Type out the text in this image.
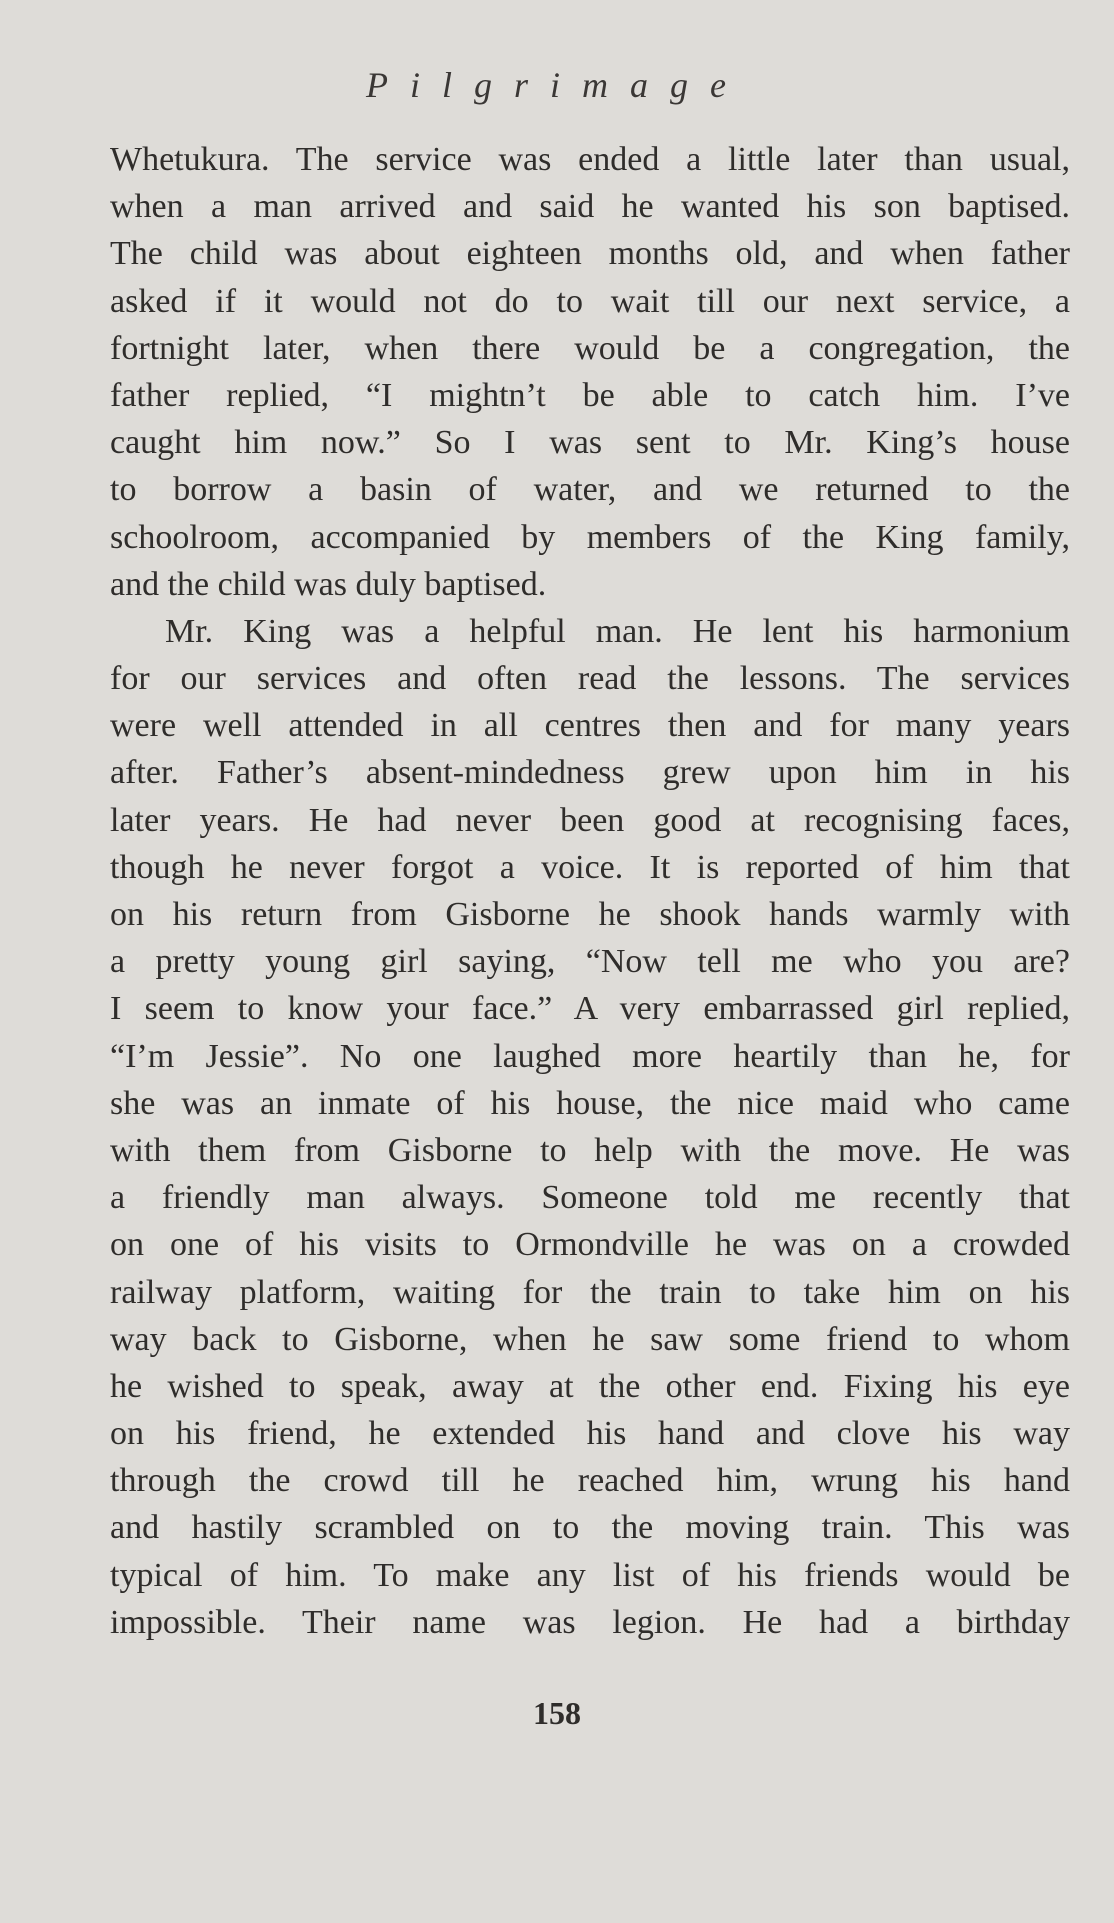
Pilgrimage
Whetukura. The service was ended a little later than usual,
when a man arrived and said he wanted his son baptised.
The child was about eighteen months old, and when father
asked if it would not do to wait till our next service, a
fortnight later, when there would be a congregation, the
father replied, “I mightn’t be able to catch him. I’ve
caught him now.” So I was sent to Mr. King’s house
to borrow a basin of water, and we returned to the
schoolroom, accompanied by members of the King family,
and the child was duly baptised.
Mr. King was a helpful man. He lent his harmonium
for our services and often read the lessons. The services
were well attended in all centres then and for many years
after. Father’s absent-mindedness grew upon him in his
later years. He had never been good at recognising faces,
though he never forgot a voice. It is reported of him that
on his return from Gisborne he shook hands warmly with
a pretty young girl saying, “Now tell me who you are?
I seem to know your face.” A very embarrassed girl replied,
“I’m Jessie”. No one laughed more heartily than he, for
she was an inmate of his house, the nice maid who came
with them from Gisborne to help with the move. He was
a friendly man always. Someone told me recently that
on one of his visits to Ormondville he was on a crowded
railway platform, waiting for the train to take him on his
way back to Gisborne, when he saw some friend to whom
he wished to speak, away at the other end. Fixing his eye
on his friend, he extended his hand and clove his way
through the crowd till he reached him, wrung his hand
and hastily scrambled on to the moving train. This was
typical of him. To make any list of his friends would be
impossible. Their name was legion. He had a birthday
158
